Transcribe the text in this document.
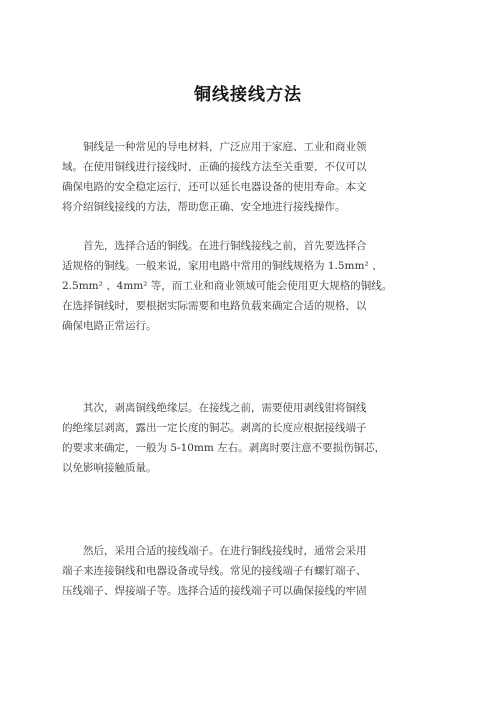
铜线接线方法
铜线是一种常见的导电材料，广泛应用于家庭、工业和商业领
域。在使用铜线进行接线时，正确的接线方法至关重要，不仅可以
确保电路的安全稳定运行，还可以延长电器设备的使用寿命。本文
将介绍铜线接线的方法，帮助您正确、安全地进行接线操作。
首先，选择合适的铜线。在进行铜线接线之前，首先要选择合
适规格的铜线。一般来说，家用电路中常用的铜线规格为 1.5mm² 、
2.5mm² 、4mm² 等，而工业和商业领域可能会使用更大规格的铜线。
在选择铜线时，要根据实际需要和电路负载来确定合适的规格，以
确保电路正常运行。
其次，剥离铜线绝缘层。在接线之前，需要使用剥线钳将铜线
的绝缘层剥离，露出一定长度的铜芯。剥离的长度应根据接线端子
的要求来确定，一般为 5-10mm 左右。剥离时要注意不要损伤铜芯，
以免影响接触质量。
然后，采用合适的接线端子。在进行铜线接线时，通常会采用
端子来连接铜线和电器设备或导线。常见的接线端子有螺钉端子、
压线端子、焊接端子等。选择合适的接线端子可以确保接线的牢固
